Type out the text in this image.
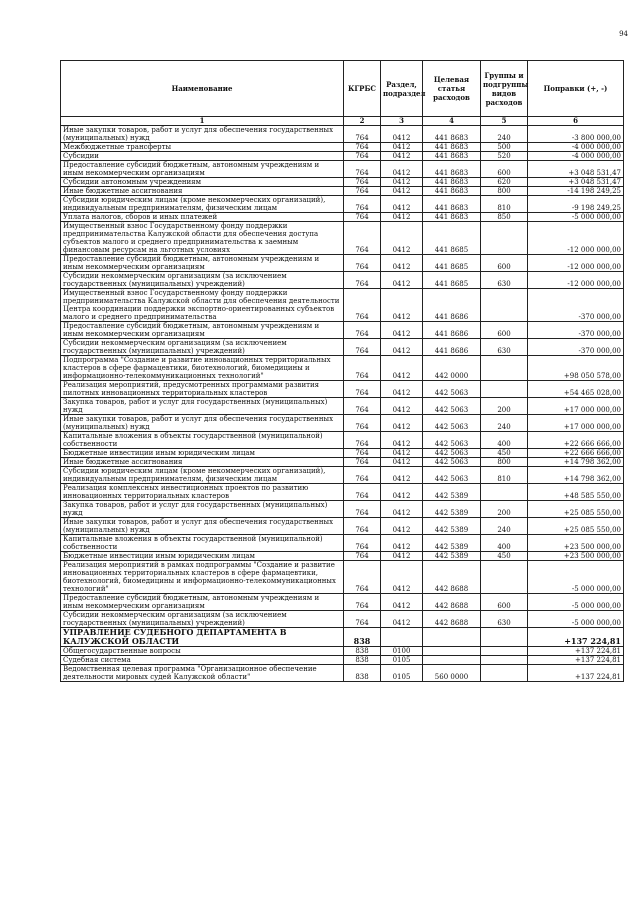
94
Наименование	КГРБС	Раздел, подраздел	Целевая статья расходов	Группы и подгруппы видов расходов	Поправки (+, -)
1	2	3	4	5	6
Иные закупки товаров, работ и услуг для обеспечения государственных (муниципальных) нужд	764	0412	441 8683	240	-3 800 000,00
Межбюджетные трансферты	764	0412	441 8683	500	-4 000 000,00
Субсидии	764	0412	441 8683	520	-4 000 000,00
Предоставление субсидий бюджетным, автономным учреждениям и иным некоммерческим организациям	764	0412	441 8683	600	+3 048 531,47
Субсидии автономным учреждениям	764	0412	441 8683	620	+3 048 531,47
Иные бюджетные ассигнования	764	0412	441 8683	800	-14 198 249,25
Субсидии юридическим лицам (кроме некоммерческих организаций), индивидуальным предпринимателям, физическим лицам	764	0412	441 8683	810	-9 198 249,25
Уплата налогов, сборов и иных платежей	764	0412	441 8683	850	-5 000 000,00
Имущественный взнос Государственному фонду поддержки предпринимательства Калужской области для обеспечения доступа субъектов малого и среднего предпринимательства к заемным финансовым ресурсам на льготных условиях	764	0412	441 8685		-12 000 000,00
Предоставление субсидий бюджетным, автономным учреждениям и иным некоммерческим организациям	764	0412	441 8685	600	-12 000 000,00
Субсидии некоммерческим организациям (за исключением государственных (муниципальных) учреждений)	764	0412	441 8685	630	-12 000 000,00
Имущественный взнос Государственному фонду поддержки предпринимательства Калужской области для обеспечения деятельности Центра координации поддержки экспортно-ориентированных субъектов малого и среднего предпринимательства	764	0412	441 8686		-370 000,00
Предоставление субсидий бюджетным, автономным учреждениям и иным некоммерческим организациям	764	0412	441 8686	600	-370 000,00
Субсидии некоммерческим организациям (за исключением государственных (муниципальных) учреждений)	764	0412	441 8686	630	-370 000,00
Подпрограмма "Создание и развитие инновационных территориальных кластеров в сфере фармацевтики, биотехнологий, биомедицины и информационно-телекоммуникационных технологий"	764	0412	442 0000		+98 050 578,00
Реализация мероприятий, предусмотренных программами развития пилотных инновационных территориальных кластеров	764	0412	442 5063		+54 465 028,00
Закупка товаров, работ и услуг для государственных (муниципальных) нужд	764	0412	442 5063	200	+17 000 000,00
Иные закупки товаров, работ и услуг для обеспечения государственных (муниципальных) нужд	764	0412	442 5063	240	+17 000 000,00
Капитальные вложения в объекты государственной (муниципальной) собственности	764	0412	442 5063	400	+22 666 666,00
Бюджетные инвестиции иным юридическим лицам	764	0412	442 5063	450	+22 666 666,00
Иные бюджетные ассигнования	764	0412	442 5063	800	+14 798 362,00
Субсидии юридическим лицам (кроме некоммерческих организаций), индивидуальным предпринимателям, физическим лицам	764	0412	442 5063	810	+14 798 362,00
Реализация комплексных инвестиционных проектов по развитию инновационных территориальных кластеров	764	0412	442 5389		+48 585 550,00
Закупка товаров, работ и услуг для государственных (муниципальных) нужд	764	0412	442 5389	200	+25 085 550,00
Иные закупки товаров, работ и услуг для обеспечения государственных (муниципальных) нужд	764	0412	442 5389	240	+25 085 550,00
Капитальные вложения в объекты государственной (муниципальной) собственности	764	0412	442 5389	400	+23 500 000,00
Бюджетные инвестиции иным юридическим лицам	764	0412	442 5389	450	+23 500 000,00
Реализация мероприятий в рамках подпрограммы "Создание и развитие инновационных территориальных кластеров в сфере фармацевтики, биотехнологий, биомедицины и информационно-телекоммуникационных технологий"	764	0412	442 8688		-5 000 000,00
Предоставление субсидий бюджетным, автономным учреждениям и иным некоммерческим организациям	764	0412	442 8688	600	-5 000 000,00
Субсидии некоммерческим организациям (за исключением государственных (муниципальных) учреждений)	764	0412	442 8688	630	-5 000 000,00
УПРАВЛЕНИЕ СУДЕБНОГО ДЕПАРТАМЕНТА В КАЛУЖСКОЙ ОБЛАСТИ	838				+137 224,81
Общегосударственные вопросы	838	0100			+137 224,81
Судебная система	838	0105			+137 224,81
Ведомственная целевая программа "Организационное обеспечение деятельности мировых судей Калужской области"	838	0105	560 0000		+137 224,81
